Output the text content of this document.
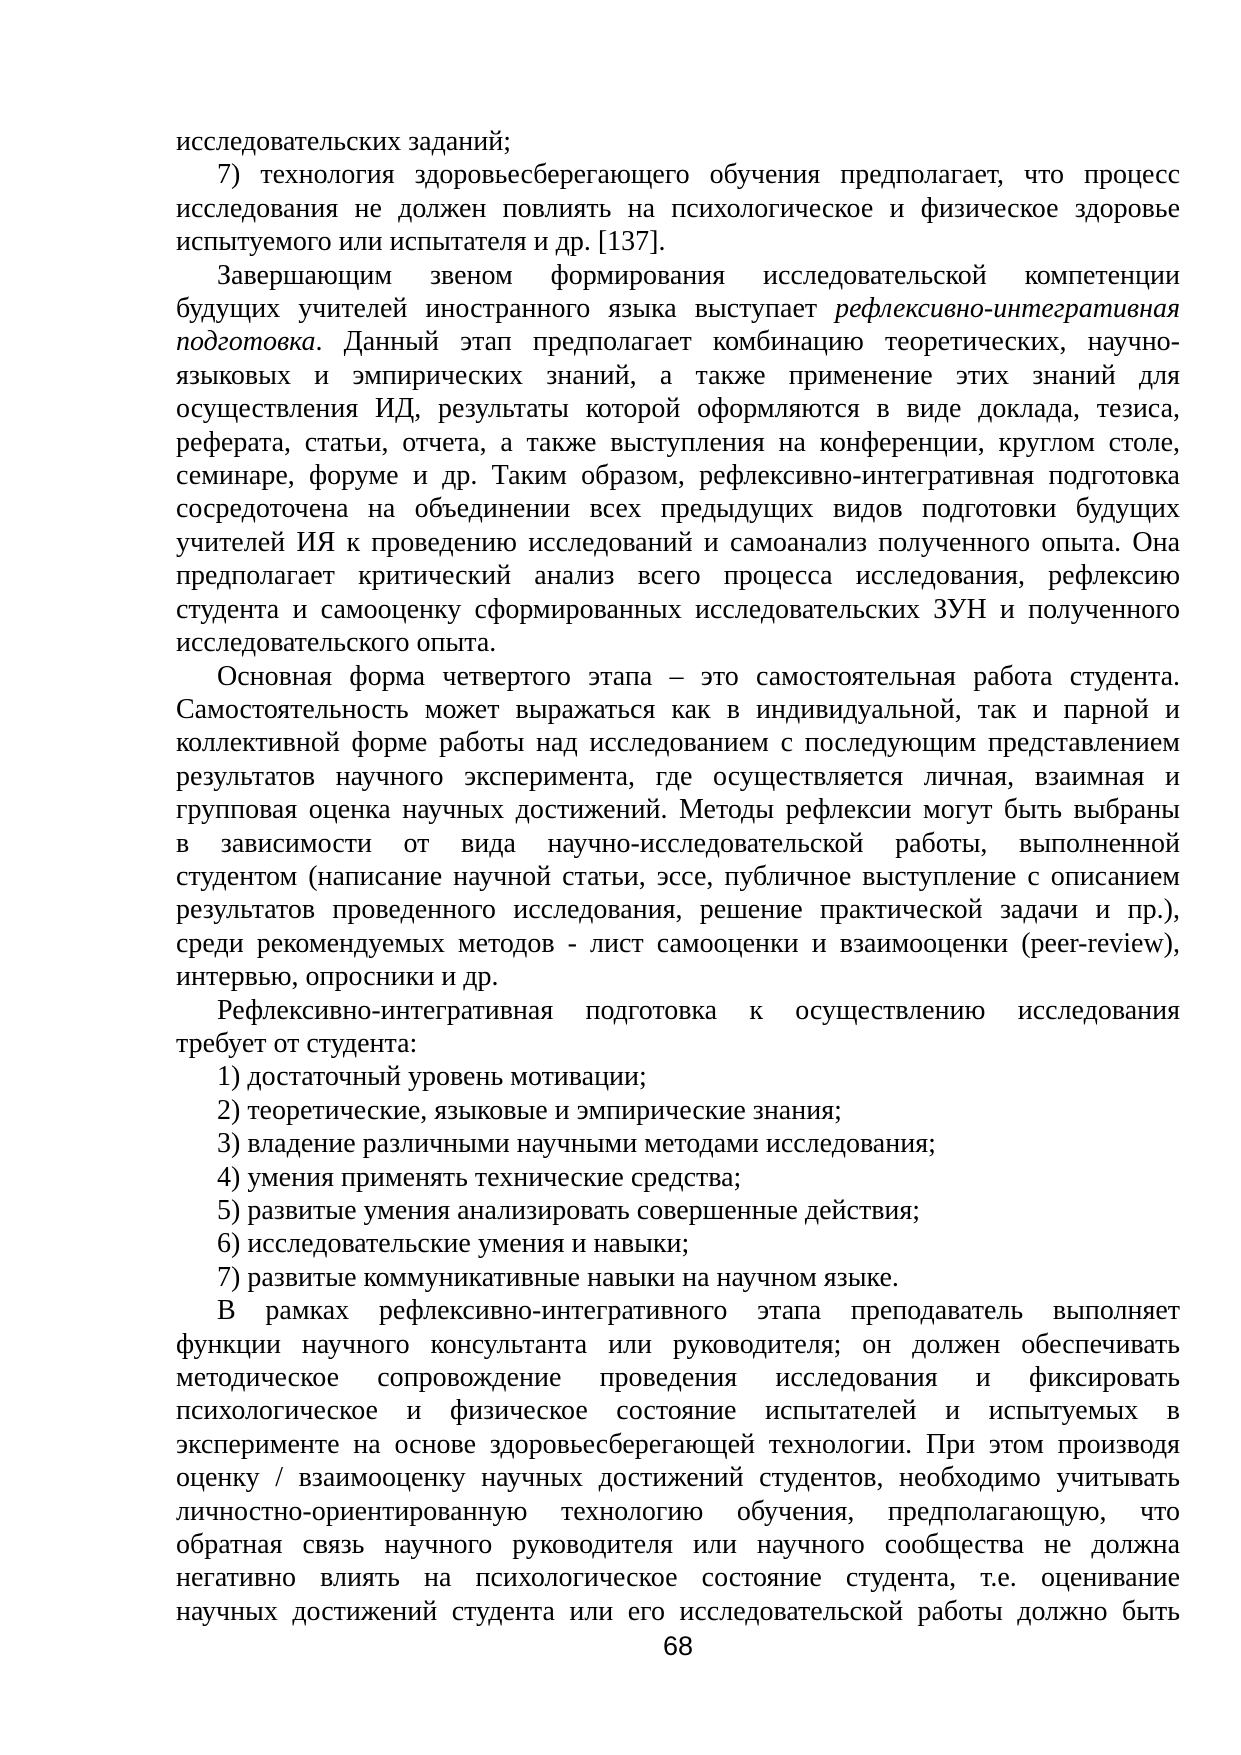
исследовательских заданий;
7) технология здоровьесберегающего обучения предполагает, что процесс
исследования не должен повлиять на психологическое и физическое здоровье
испытуемого или испытателя и др. [137].
Завершающим звеном формирования исследовательской компетенции
будущих учителей иностранного языка выступает рефлексивно-интегративная
подготовка. Данный этап предполагает комбинацию теоретических, научно-
языковых и эмпирических знаний, а также применение этих знаний для
осуществления ИД, результаты которой оформляются в виде доклада, тезиса,
реферата, статьи, отчета, а также выступления на конференции, круглом столе,
семинаре, форуме и др. Таким образом, рефлексивно-интегративная подготовка
сосредоточена на объединении всех предыдущих видов подготовки будущих
учителей ИЯ к проведению исследований и самоанализ полученного опыта. Она
предполагает критический анализ всего процесса исследования, рефлексию
студента и самооценку сформированных исследовательских ЗУН и полученного
исследовательского опыта.
Основная форма четвертого этапа – это самостоятельная работа студента.
Самостоятельность может выражаться как в индивидуальной, так и парной и
коллективной форме работы над исследованием с последующим представлением
результатов научного эксперимента, где осуществляется личная, взаимная и
групповая оценка научных достижений. Методы рефлексии могут быть выбраны
в зависимости от вида научно-исследовательской работы, выполненной
студентом (написание научной статьи, эссе, публичное выступление с описанием
результатов проведенного исследования, решение практической задачи и пр.),
среди рекомендуемых методов - лист самооценки и взаимооценки (peer-review),
интервью, опросники и др.
Рефлексивно-интегративная подготовка к осуществлению исследования
требует от студента:
1) достаточный уровень мотивации;
2) теоретические, языковые и эмпирические знания;
3) владение различными научными методами исследования;
4) умения применять технические средства;
5) развитые умения анализировать совершенные действия;
6) исследовательские умения и навыки;
7) развитые коммуникативные навыки на научном языке.
В рамках рефлексивно-интегративного этапа преподаватель выполняет
функции научного консультанта или руководителя; он должен обеспечивать
методическое сопровождение проведения исследования и фиксировать
психологическое и физическое состояние испытателей и испытуемых в
эксперименте на основе здоровьесберегающей технологии. При этом производя
оценку / взаимооценку научных достижений студентов, необходимо учитывать
личностно-ориентированную технологию обучения, предполагающую, что
обратная связь научного руководителя или научного сообщества не должна
негативно влиять на психологическое состояние студента, т.е. оценивание
научных достижений студента или его исследовательской работы должно быть
68
